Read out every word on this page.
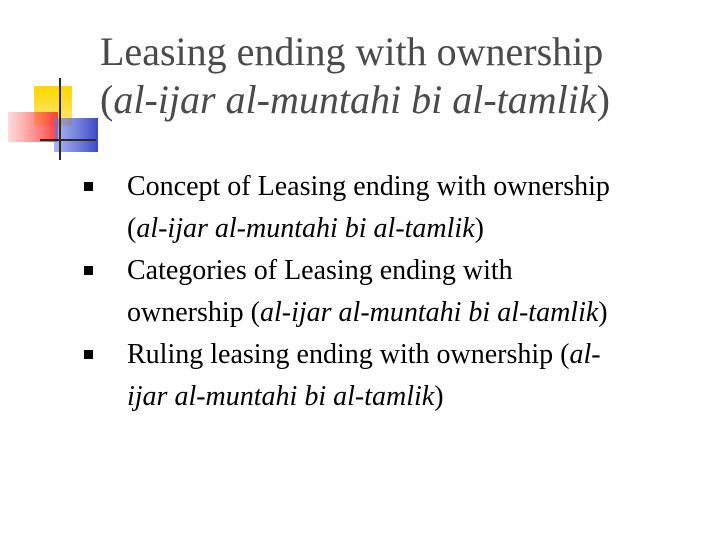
Leasing ending with ownership
(al-ijar al-muntahi bi al-tamlik)
Concept of Leasing ending with ownership
(al-ijar al-muntahi bi al-tamlik)
Categories of Leasing ending with
ownership (al-ijar al-muntahi bi al-tamlik)
Ruling leasing ending with ownership (al-
ijar al-muntahi bi al-tamlik)
